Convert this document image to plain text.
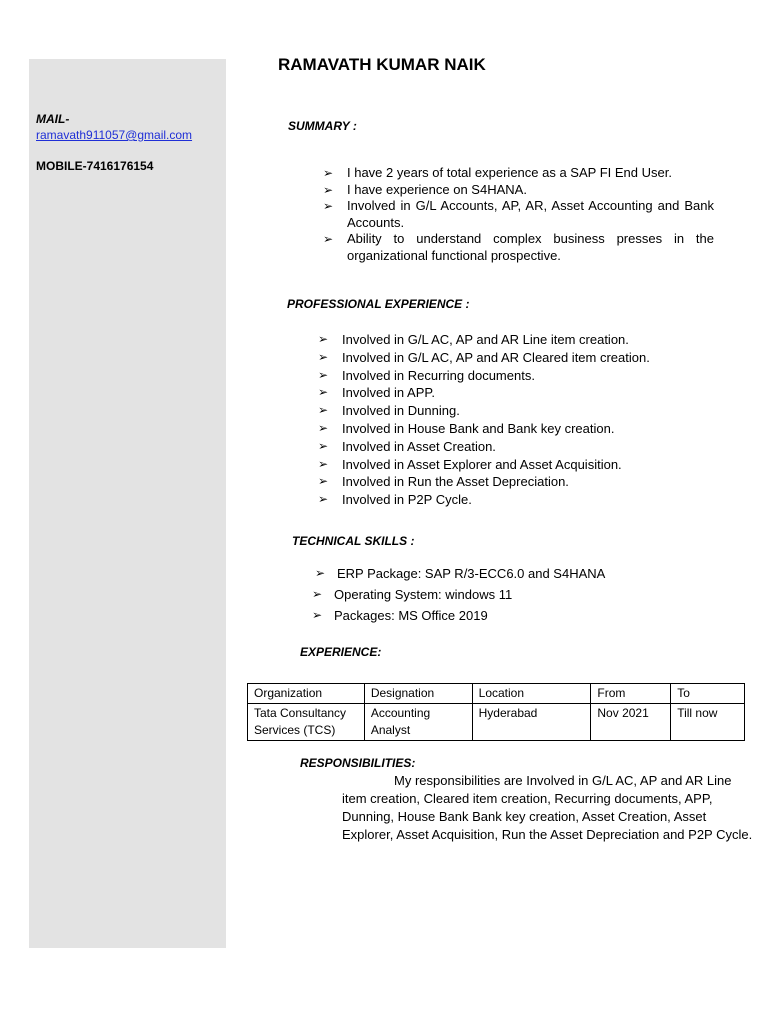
MAIL-
ramavath911057@gmail.com
MOBILE-7416176154
RAMAVATH KUMAR NAIK
SUMMARY :
➢ I have 2 years of total experience as a SAP FI End User.
➢ I have experience on S4HANA.
➢ Involved in G/L Accounts, AP, AR, Asset Accounting and Bank Accounts.
➢ Ability to understand complex business presses in the organizational functional prospective.
PROFESSIONAL EXPERIENCE :
➢ Involved in G/L AC, AP and AR Line item creation.
➢ Involved in G/L AC, AP and AR Cleared item creation.
➢ Involved in Recurring documents.
➢ Involved in APP.
➢ Involved in Dunning.
➢ Involved in House Bank and Bank key creation.
➢ Involved in Asset Creation.
➢ Involved in Asset Explorer and Asset Acquisition.
➢ Involved in Run the Asset Depreciation.
➢ Involved in P2P Cycle.
TECHNICAL SKILLS :
➢ ERP Package: SAP R/3-ECC6.0 and S4HANA
➢ Operating System: windows 11
➢ Packages: MS Office 2019
EXPERIENCE:
Organization	Designation	Location	From	To
Tata Consultancy Services (TCS)	Accounting Analyst	Hyderabad	Nov 2021	Till now
RESPONSIBILITIES:
My responsibilities are Involved in G/L AC, AP and AR Line item creation, Cleared item creation, Recurring documents, APP, Dunning, House Bank Bank key creation, Asset Creation, Asset Explorer, Asset Acquisition, Run the Asset Depreciation and P2P Cycle.
